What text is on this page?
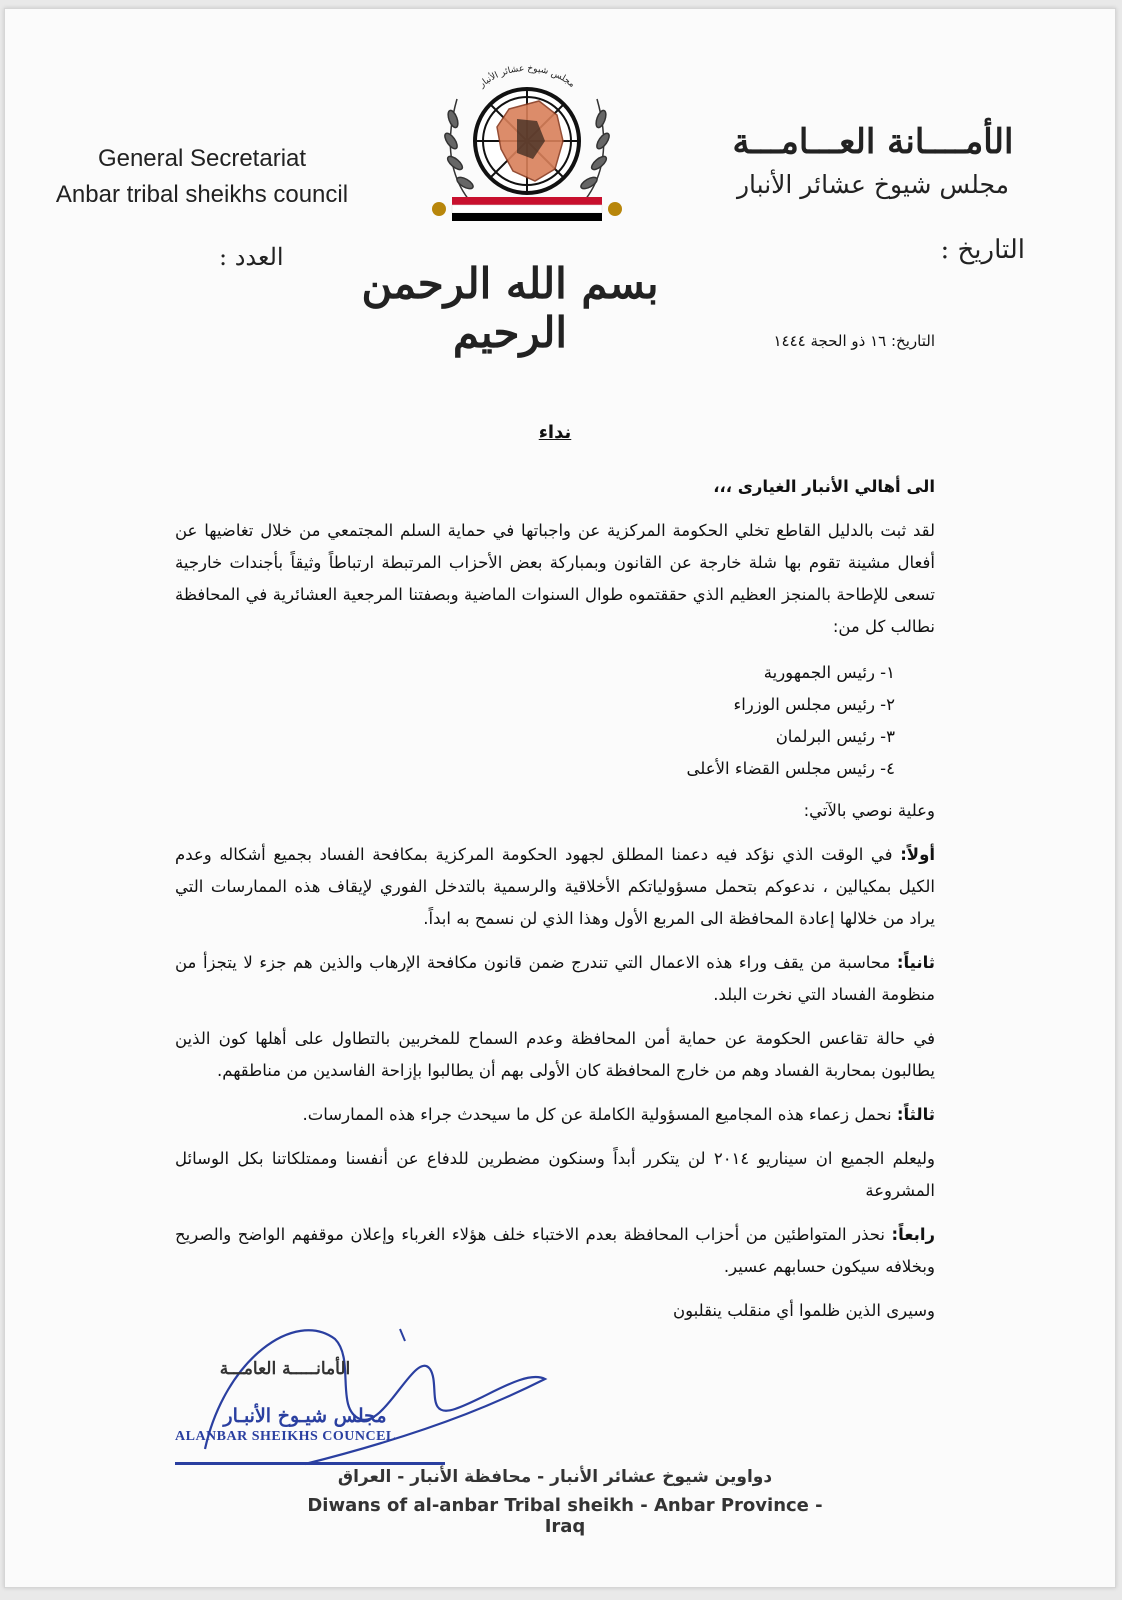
General Secretariat
Anbar tribal sheikhs council
الأمــــانة العـــامـــة
مجلس شيوخ عشائر الأنبار
التاريخ :
العدد :
مجلس شيوخ عشائر الأنبار
بسم الله الرحمن الرحيم	التاريخ: ١٦ ذو الحجة ١٤٤٤

نداء

الى أهالي الأنبار الغيارى ،،،

لقد ثبت بالدليل القاطع تخلي الحكومة المركزية عن واجباتها في حماية السلم المجتمعي من خلال تغاضيها عن أفعال مشينة تقوم بها شلة خارجة عن القانون وبمباركة بعض الأحزاب المرتبطة ارتباطاً وثيقاً بأجندات خارجية تسعى للإطاحة بالمنجز العظيم الذي حققتموه طوال السنوات الماضية وبصفتنا المرجعية العشائرية في المحافظة نطالب كل من:

١- رئيس الجمهورية
٢- رئيس مجلس الوزراء
٣- رئيس البرلمان
٤- رئيس مجلس القضاء الأعلى

وعلية نوصي بالآتي:

أولاً: في الوقت الذي نؤكد فيه دعمنا المطلق لجهود الحكومة المركزية بمكافحة الفساد بجميع أشكاله وعدم الكيل بمكيالين ، ندعوكم بتحمل مسؤولياتكم الأخلاقية والرسمية بالتدخل الفوري لإيقاف هذه الممارسات التي يراد من خلالها إعادة المحافظة الى المربع الأول وهذا الذي لن نسمح به ابداً.

ثانياً: محاسبة من يقف وراء هذه الاعمال التي تندرج ضمن قانون مكافحة الإرهاب والذين هم جزء لا يتجزأ من منظومة الفساد التي نخرت البلد.

في حالة تقاعس الحكومة عن حماية أمن المحافظة وعدم السماح للمخربين بالتطاول على أهلها كون الذين يطالبون بمحاربة الفساد وهم من خارج المحافظة كان الأولى بهم أن يطالبوا بإزاحة الفاسدين من مناطقهم.

ثالثاً: نحمل زعماء هذه المجاميع المسؤولية الكاملة عن كل ما سيحدث جراء هذه الممارسات.

وليعلم الجميع ان سيناريو ٢٠١٤ لن يتكرر أبداً وسنكون مضطرين للدفاع عن أنفسنا وممتلكاتنا بكل الوسائل المشروعة

رابعاً: نحذر المتواطئين من أحزاب المحافظة بعدم الاختباء خلف هؤلاء الغرباء وإعلان موقفهم الواضح والصريح وبخلافه سيكون حسابهم عسير.

وسيرى الذين ظلموا أي منقلب ينقلبون

الأمانـــــة العامـــة
مجلس شيـوخ الأنبـار
ALANBAR SHEIKHS COUNCEL
دواوين شيوخ عشائر الأنبار - محافظة الأنبار - العراق
Diwans of al-anbar Tribal sheikh - Anbar Province - Iraq
